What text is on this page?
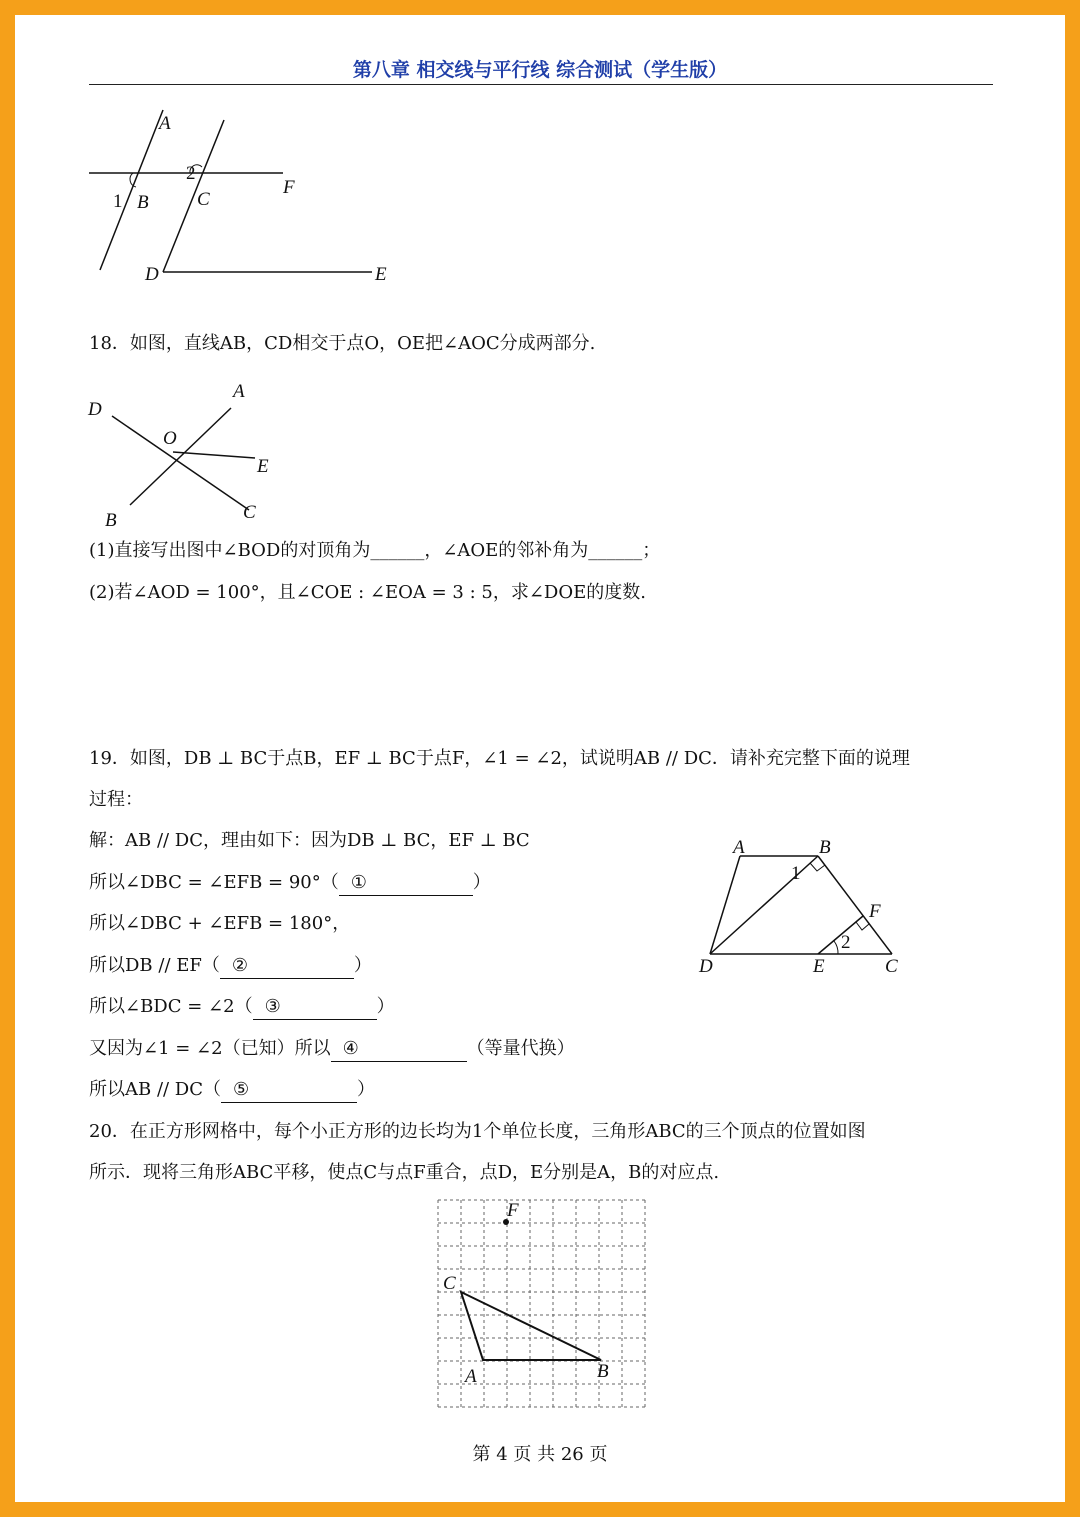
第八章 相交线与平行线 综合测试（学生版）
A
2
F
1 B	C
D	E
18．如图，直线AB，CD相交于点O，OE把∠AOC分成两部分.
D
A
O
E
B	C
(1)直接写出图中∠BOD的对顶角为______，∠AOE的邻补角为______；
(2)若∠AOD = 100°，且∠COE : ∠EOA = 3 : 5，求∠DOE的度数.
19．如图，DB ⊥ BC于点B，EF ⊥ BC于点F，∠1 = ∠2，试说明AB // DC．请补充完整下面的说理
过程：
解：AB // DC，理由如下：因为DB ⊥ BC，EF ⊥ BC
所以∠DBC = ∠EFB = 90°（ ①	）
所以∠DBC + ∠EFB = 180°，
所以DB // EF（ ②	）
所以∠BDC = ∠2（ ③	）
又因为∠1 = ∠2（已知）所以 ④	（等量代换）
所以AB // DC（ ⑤	）
A	B
1
F
2
D	E	C
20．在正方形网格中，每个小正方形的边长均为1个单位长度，三角形ABC的三个顶点的位置如图
所示．现将三角形ABC平移，使点C与点F重合，点D，E分别是A，B的对应点.
F
C
A	B
第 4 页 共 26 页
